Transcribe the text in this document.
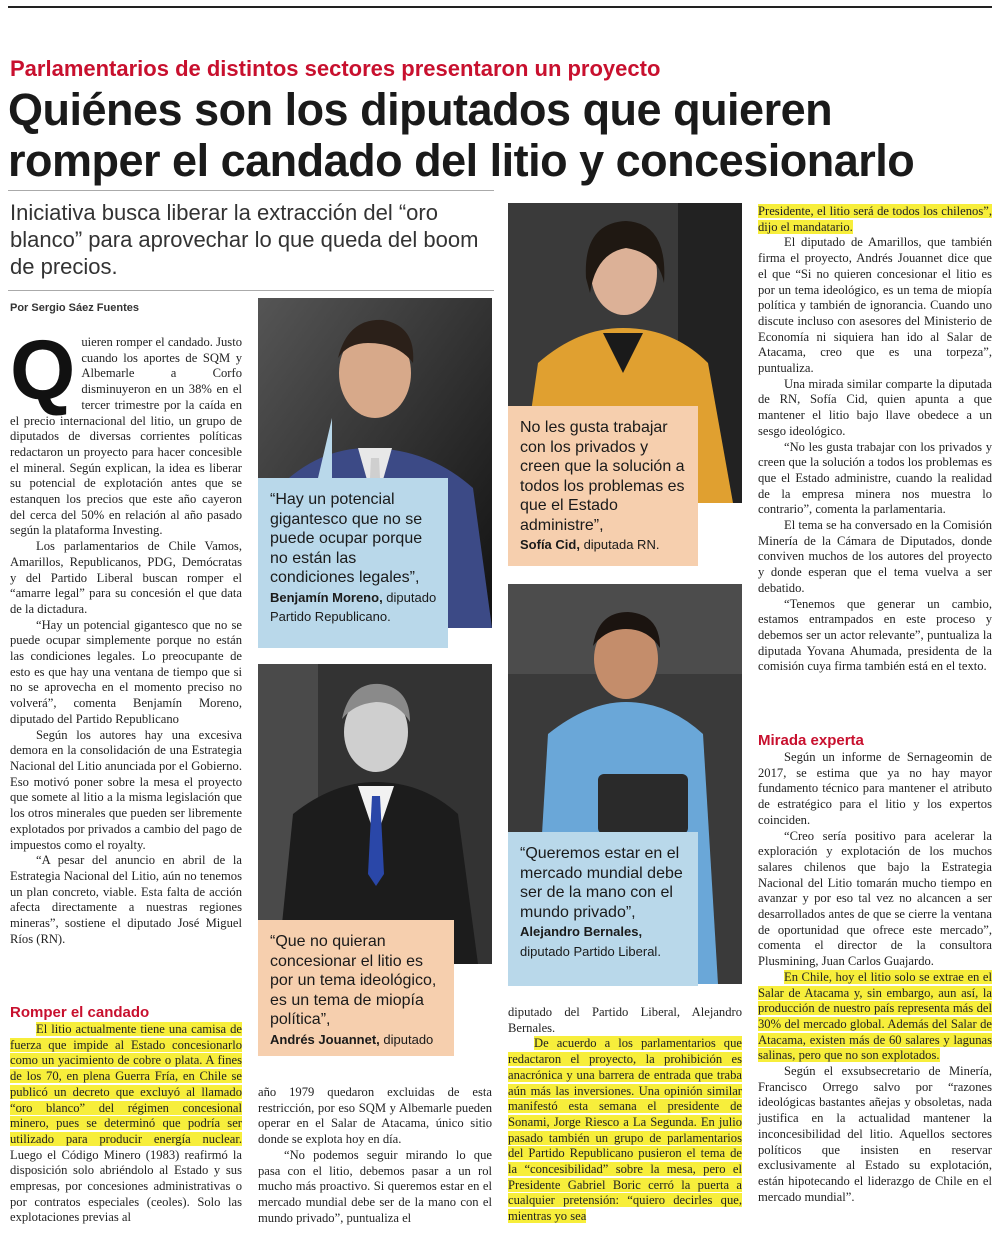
Parlamentarios de distintos sectores presentaron un proyecto
Quiénes son los diputados que quieren
romper el candado del litio y concesionarlo
Iniciativa busca liberar la extracción del “oro blanco” para aprovechar lo que queda del boom de precios.
Por Sergio Sáez Fuentes

Quieren romper el candado. Justo cuando los aportes de SQM y Albemarle a Corfo disminuyeron en un 38% en el tercer trimestre por la caída en el precio internacional del litio, un grupo de diputados de diversas corrientes políticas redactaron un proyecto para hacer concesible el mineral. Según explican, la idea es liberar su potencial de explotación antes que se estanquen los precios que este año cayeron del cerca del 50% en relación al año pasado según la plataforma Investing.

Los parlamentarios de Chile Vamos, Amarillos, Republicanos, PDG, Demócratas y del Partido Liberal buscan romper el “amarre legal” para su concesión el que data de la dictadura.

“Hay un potencial gigantesco que no se puede ocupar simplemente porque no están las condiciones legales. Lo preocupante de esto es que hay una ventana de tiempo que si no se aprovecha en el momento preciso no volverá”, comenta Benjamín Moreno, diputado del Partido Republicano

Según los autores hay una excesiva demora en la consolidación de una Estrategia Nacional del Litio anunciada por el Gobierno. Eso motivó poner sobre la mesa el proyecto que somete al litio a la misma legislación que los otros minerales que pueden ser libremente explotados por privados a cambio del pago de impuestos como el royalty.

“A pesar del anuncio en abril de la Estrategia Nacional del Litio, aún no tenemos un plan concreto, viable. Esta falta de acción afecta directamente a nuestras regiones mineras”, sostiene el diputado José Miguel Ríos (RN).

Romper el candado

El litio actualmente tiene una camisa de fuerza que impide al Estado concesionarlo como un yacimiento de cobre o plata. A fines de los 70, en plena Guerra Fría, en Chile se publicó un decreto que excluyó al llamado “oro blanco” del régimen concesional minero, pues se determinó que podría ser utilizado para producir energía nuclear. Luego el Código Minero (1983) reafirmó la disposición solo abriéndolo al Estado y sus empresas, por concesiones administrativas o por contratos especiales (ceoles). Solo las explotaciones previas al

“Hay un potencial gigantesco que no se puede ocupar porque no están las condiciones legales”,
Benjamín Moreno, diputado Partido Republicano.
No les gusta trabajar con los privados y creen que la solución a todos los problemas es que el Estado administre”,
Sofía Cid, diputada RN.
“Que no quieran concesionar el litio es por un tema ideológico, es un tema de miopía política”,
Andrés Jouannet, diputado
“Queremos estar en el mercado mundial debe ser de la mano con el mundo privado”,
Alejandro Bernales, diputado Partido Liberal.

año 1979 quedaron excluidas de esta restricción, por eso SQM y Albemarle pueden operar en el Salar de Atacama, único sitio donde se explota hoy en día.

“No podemos seguir mirando lo que pasa con el litio, debemos pasar a un rol mucho más proactivo. Si queremos estar en el mercado mundial debe ser de la mano con el mundo privado”, puntualiza el

diputado del Partido Liberal, Alejandro Bernales.

De acuerdo a los parlamentarios que redactaron el proyecto, la prohibición es anacrónica y una barrera de entrada que traba aún más las inversiones. Una opinión similar manifestó esta semana el presidente de Sonami, Jorge Riesco a La Segunda. En julio pasado también un grupo de parlamentarios del Partido Republicano pusieron el tema de la “concesibilidad” sobre la mesa, pero el Presidente Gabriel Boric cerró la puerta a cualquier pretensión: “quiero decirles que, mientras yo sea

Presidente, el litio será de todos los chilenos”, dijo el mandatario.

El diputado de Amarillos, que también firma el proyecto, Andrés Jouannet dice que el que “Si no quieren concesionar el litio es por un tema ideológico, es un tema de miopía política y también de ignorancia. Cuando uno discute incluso con asesores del Ministerio de Economía ni siquiera han ido al Salar de Atacama, creo que es una torpeza”, puntualiza.

Una mirada similar comparte la diputada de RN, Sofía Cid, quien apunta a que mantener el litio bajo llave obedece a un sesgo ideológico.

“No les gusta trabajar con los privados y creen que la solución a todos los problemas es que el Estado administre, cuando la realidad de la empresa minera nos muestra lo contrario”, comenta la parlamentaria.

El tema se ha conversado en la Comisión Minería de la Cámara de Diputados, donde conviven muchos de los autores del proyecto y donde esperan que el tema vuelva a ser debatido.

“Tenemos que generar un cambio, estamos entrampados en este proceso y debemos ser un actor relevante”, puntualiza la diputada Yovana Ahumada, presidenta de la comisión cuya firma también está en el texto.

Mirada experta

Según un informe de Sernageomin de 2017, se estima que ya no hay mayor fundamento técnico para mantener el atributo de estratégico para el litio y los expertos coinciden.

“Creo sería positivo para acelerar la exploración y explotación de los muchos salares chilenos que bajo la Estrategia Nacional del Litio tomarán mucho tiempo en avanzar y por eso tal vez no alcancen a ser desarrollados antes de que se cierre la ventana de oportunidad que ofrece este mercado”, comenta el director de la consultora Plusmining, Juan Carlos Guajardo.

En Chile, hoy el litio solo se extrae en el Salar de Atacama y, sin embargo, aun así, la producción de nuestro país representa más del 30% del mercado global. Además del Salar de Atacama, existen más de 60 salares y lagunas salinas, pero que no son explotados.

Según el exsubsecretario de Minería, Francisco Orrego salvo por “razones ideológicas bastantes añejas y obsoletas, nada justifica en la actualidad mantener la inconcesibilidad del litio. Aquellos sectores políticos que insisten en reservar exclusivamente al Estado su explotación, están hipotecando el liderazgo de Chile en el mercado mundial”.
